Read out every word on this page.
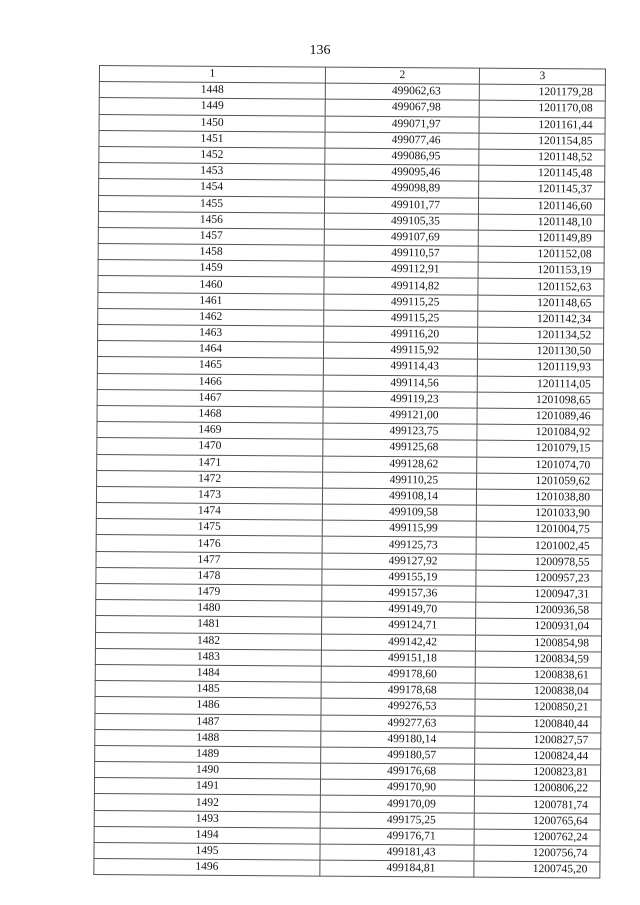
136
1	2	3
1448	499062,63	1201179,28
1449	499067,98	1201170,08
1450	499071,97	1201161,44
1451	499077,46	1201154,85
1452	499086,95	1201148,52
1453	499095,46	1201145,48
1454	499098,89	1201145,37
1455	499101,77	1201146,60
1456	499105,35	1201148,10
1457	499107,69	1201149,89
1458	499110,57	1201152,08
1459	499112,91	1201153,19
1460	499114,82	1201152,63
1461	499115,25	1201148,65
1462	499115,25	1201142,34
1463	499116,20	1201134,52
1464	499115,92	1201130,50
1465	499114,43	1201119,93
1466	499114,56	1201114,05
1467	499119,23	1201098,65
1468	499121,00	1201089,46
1469	499123,75	1201084,92
1470	499125,68	1201079,15
1471	499128,62	1201074,70
1472	499110,25	1201059,62
1473	499108,14	1201038,80
1474	499109,58	1201033,90
1475	499115,99	1201004,75
1476	499125,73	1201002,45
1477	499127,92	1200978,55
1478	499155,19	1200957,23
1479	499157,36	1200947,31
1480	499149,70	1200936,58
1481	499124,71	1200931,04
1482	499142,42	1200854,98
1483	499151,18	1200834,59
1484	499178,60	1200838,61
1485	499178,68	1200838,04
1486	499276,53	1200850,21
1487	499277,63	1200840,44
1488	499180,14	1200827,57
1489	499180,57	1200824,44
1490	499176,68	1200823,81
1491	499170,90	1200806,22
1492	499170,09	1200781,74
1493	499175,25	1200765,64
1494	499176,71	1200762,24
1495	499181,43	1200756,74
1496	499184,81	1200745,20
